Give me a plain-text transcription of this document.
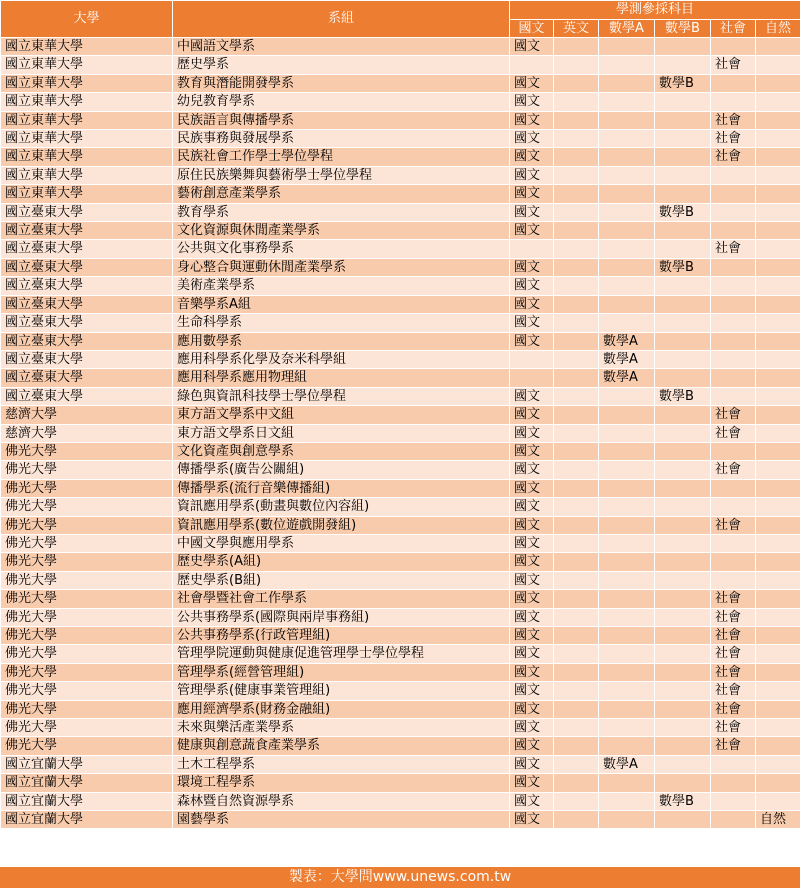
大學	系組	學測參採科目					
		國文	英文	數學A	數學B	社會	自然
國立東華大學	中國語文學系	國文					
國立東華大學	歷史學系					社會	
國立東華大學	教育與潛能開發學系	國文			數學B		
國立東華大學	幼兒教育學系	國文					
國立東華大學	民族語言與傳播學系	國文				社會	
國立東華大學	民族事務與發展學系	國文				社會	
國立東華大學	民族社會工作學士學位學程	國文				社會	
國立東華大學	原住民族樂舞與藝術學士學位學程	國文					
國立東華大學	藝術創意產業學系	國文					
國立臺東大學	教育學系	國文			數學B		
國立臺東大學	文化資源與休閒產業學系	國文					
國立臺東大學	公共與文化事務學系					社會	
國立臺東大學	身心整合與運動休閒產業學系	國文			數學B		
國立臺東大學	美術產業學系	國文					
國立臺東大學	音樂學系A組	國文					
國立臺東大學	生命科學系	國文					
國立臺東大學	應用數學系	國文		數學A			
國立臺東大學	應用科學系化學及奈米科學組			數學A			
國立臺東大學	應用科學系應用物理組			數學A			
國立臺東大學	綠色與資訊科技學士學位學程	國文			數學B		
慈濟大學	東方語文學系中文組	國文				社會	
慈濟大學	東方語文學系日文組	國文				社會	
佛光大學	文化資產與創意學系	國文					
佛光大學	傳播學系(廣告公關組)	國文				社會	
佛光大學	傳播學系(流行音樂傳播組)	國文					
佛光大學	資訊應用學系(動畫與數位內容組)	國文					
佛光大學	資訊應用學系(數位遊戲開發組)	國文				社會	
佛光大學	中國文學與應用學系	國文					
佛光大學	歷史學系(A組)	國文					
佛光大學	歷史學系(B組)	國文					
佛光大學	社會學暨社會工作學系	國文				社會	
佛光大學	公共事務學系(國際與兩岸事務組)	國文				社會	
佛光大學	公共事務學系(行政管理組)	國文				社會	
佛光大學	管理學院運動與健康促進管理學士學位學程	國文				社會	
佛光大學	管理學系(經營管理組)	國文				社會	
佛光大學	管理學系(健康事業管理組)	國文				社會	
佛光大學	應用經濟學系(財務金融組)	國文				社會	
佛光大學	未來與樂活產業學系	國文				社會	
佛光大學	健康與創意蔬食產業學系	國文				社會	
國立宜蘭大學	土木工程學系	國文		數學A			
國立宜蘭大學	環境工程學系	國文					
國立宜蘭大學	森林暨自然資源學系	國文			數學B		
國立宜蘭大學	園藝學系	國文					自然
製表：大學問www.unews.com.tw
